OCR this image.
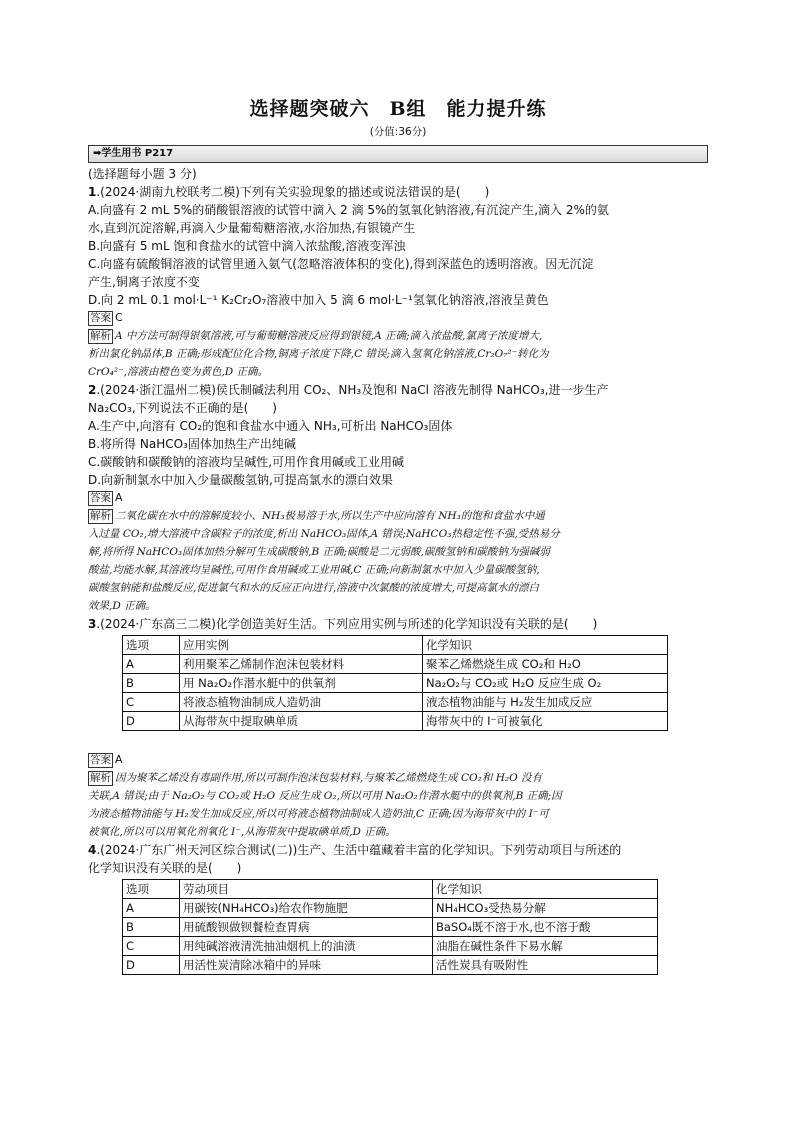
选择题突破六　B组　能力提升练
(分值:36分)
➡学生用书 P217
(选择题每小题 3 分)
1.(2024·湖南九校联考二模)下列有关实验现象的描述或说法错误的是(　　)
A.向盛有 2 mL 5%的硝酸银溶液的试管中滴入 2 滴 5%的氢氧化钠溶液,有沉淀产生,滴入 2%的氨
水,直到沉淀溶解,再滴入少量葡萄糖溶液,水浴加热,有银镜产生
B.向盛有 5 mL 饱和食盐水的试管中滴入浓盐酸,溶液变浑浊
C.向盛有硫酸铜溶液的试管里通入氨气(忽略溶液体积的变化),得到深蓝色的透明溶液。因无沉淀
产生,铜离子浓度不变
D.向 2 mL 0.1 mol·L⁻¹ K₂Cr₂O₇溶液中加入 5 滴 6 mol·L⁻¹氢氧化钠溶液,溶液呈黄色
答案 C
解析 A 中方法可制得银氨溶液,可与葡萄糖溶液反应得到银镜,A 正确;滴入浓盐酸,氯离子浓度增大,
析出氯化钠晶体,B 正确;形成配位化合物,铜离子浓度下降,C 错误;滴入氢氧化钠溶液,Cr₂O₇²⁻转化为
CrO₄²⁻,溶液由橙色变为黄色,D 正确。
2.(2024·浙江温州二模)侯氏制碱法利用 CO₂、NH₃及饱和 NaCl 溶液先制得 NaHCO₃,进一步生产
Na₂CO₃,下列说法不正确的是(　　)
A.生产中,向溶有 CO₂的饱和食盐水中通入 NH₃,可析出 NaHCO₃固体
B.将所得 NaHCO₃固体加热生产出纯碱
C.碳酸钠和碳酸钠的溶液均呈碱性,可用作食用碱或工业用碱
D.向新制氯水中加入少量碳酸氢钠,可提高氯水的漂白效果
答案 A
解析 二氧化碳在水中的溶解度较小、NH₃极易溶于水,所以生产中应向溶有 NH₃的饱和食盐水中通
入过量 CO₂,增大溶液中含碳粒子的浓度,析出 NaHCO₃固体,A 错误;NaHCO₃热稳定性不强,受热易分
解,将所得 NaHCO₃固体加热分解可生成碳酸钠,B 正确;碳酸是二元弱酸,碳酸氢钠和碳酸钠为强碱弱
酸盐,均能水解,其溶液均呈碱性,可用作食用碱或工业用碱,C 正确;向新制氯水中加入少量碳酸氢钠,
碳酸氢钠能和盐酸反应,促进氯气和水的反应正向进行,溶液中次氯酸的浓度增大,可提高氯水的漂白
效果,D 正确。
3.(2024·广东高三二模)化学创造美好生活。下列应用实例与所述的化学知识没有关联的是(　　)
选项	应用实例	化学知识
A	利用聚苯乙烯制作泡沫包装材料	聚苯乙烯燃烧生成 CO₂和 H₂O
B	用 Na₂O₂作潜水艇中的供氧剂	Na₂O₂与 CO₂或 H₂O 反应生成 O₂
C	将液态植物油制成人造奶油	液态植物油能与 H₂发生加成反应
D	从海带灰中提取碘单质	海带灰中的 I⁻可被氧化
答案 A
解析 因为聚苯乙烯没有毒副作用,所以可制作泡沫包装材料,与聚苯乙烯燃烧生成 CO₂和 H₂O 没有
关联,A 错误;由于 Na₂O₂与 CO₂或 H₂O 反应生成 O₂,所以可用 Na₂O₂作潜水艇中的供氧剂,B 正确;因
为液态植物油能与 H₂发生加成反应,所以可将液态植物油制成人造奶油,C 正确;因为海带灰中的 I⁻可
被氧化,所以可以用氧化剂氧化 I⁻,从海带灰中提取碘单质,D 正确。
4.(2024·广东广州天河区综合测试(二))生产、生活中蕴藏着丰富的化学知识。下列劳动项目与所述的
化学知识没有关联的是(　　)
选项	劳动项目	化学知识
A	用碳铵(NH₄HCO₃)给农作物施肥	NH₄HCO₃受热易分解
B	用硫酸钡做钡餐检查胃病	BaSO₄既不溶于水,也不溶于酸
C	用纯碱溶液清洗抽油烟机上的油渍	油脂在碱性条件下易水解
D	用活性炭清除冰箱中的异味	活性炭具有吸附性
